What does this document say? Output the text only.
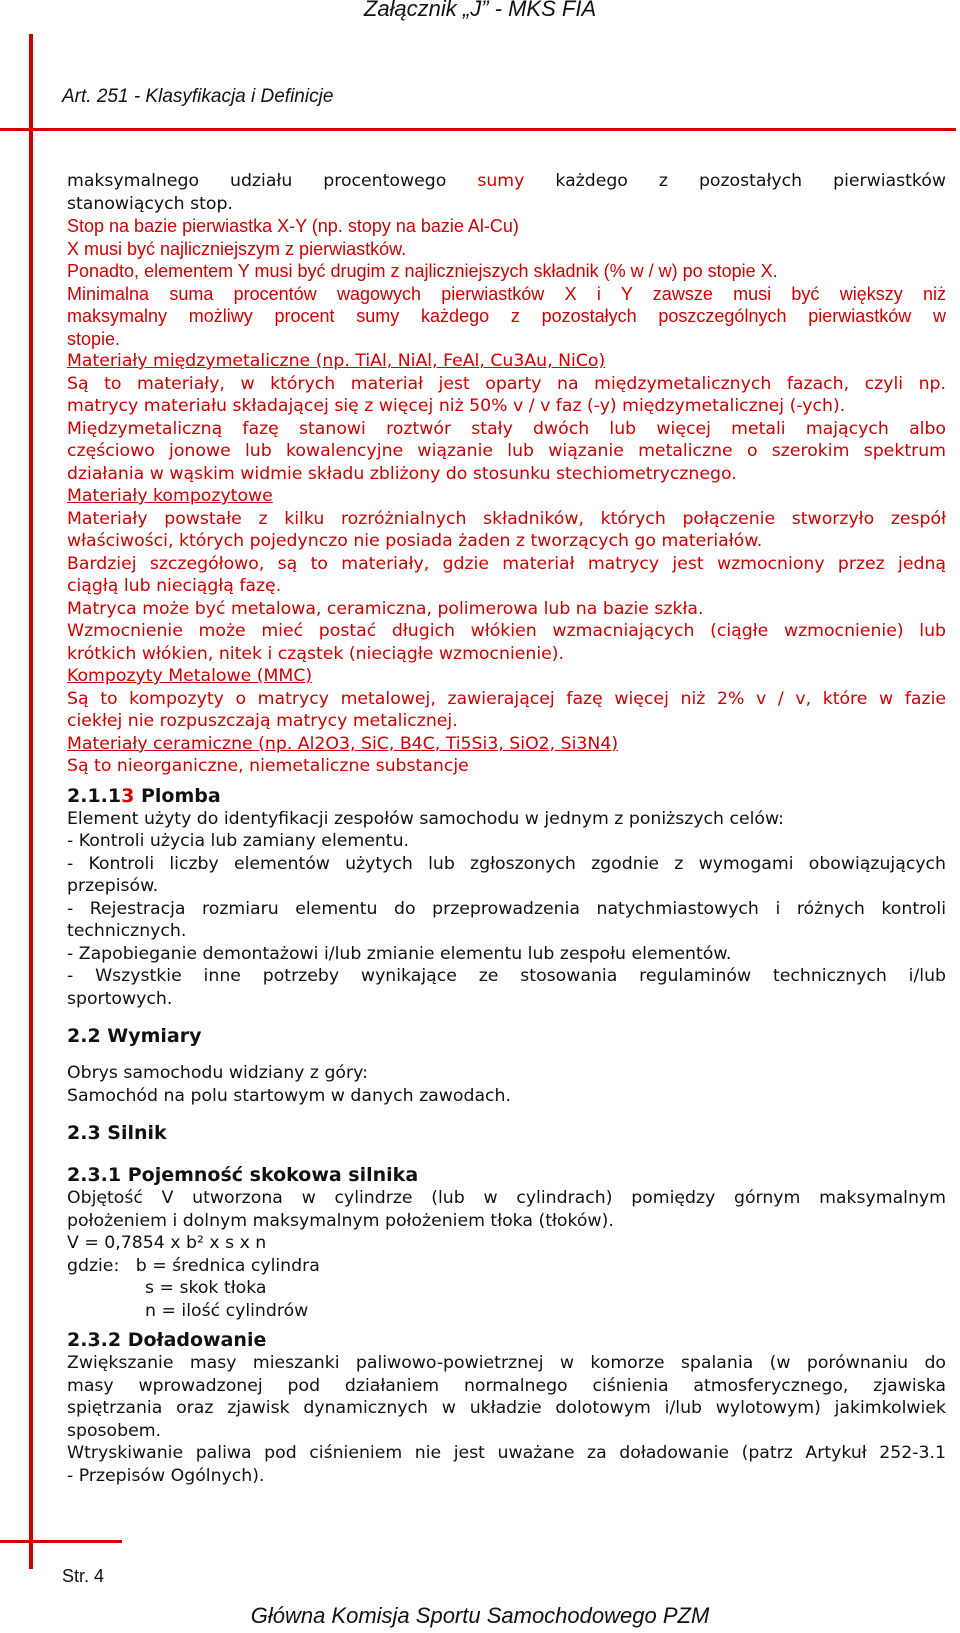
Załącznik „J” - MKS FIA
Art. 251 - Klasyfikacja i Definicje
maksymalnego udziału procentowego sumy każdego z pozostałych pierwiastków
stanowiących stop.
Stop na bazie pierwiastka X-Y (np. stopy na bazie Al-Cu)
X musi być najliczniejszym z pierwiastków.
Ponadto, elementem Y musi być drugim z najliczniejszych składnik (% w / w) po stopie X.
Minimalna suma procentów wagowych pierwiastków X i Y zawsze musi być większy niż
maksymalny możliwy procent sumy każdego z pozostałych poszczególnych pierwiastków w
stopie.
Materiały międzymetaliczne (np. TiAl, NiAl, FeAl, Cu3Au, NiCo)
Są to materiały, w których materiał jest oparty na międzymetalicznych fazach, czyli np.
matrycy materiału składającej się z więcej niż 50% v / v faz (-y) międzymetalicznej (-ych).
Międzymetaliczną fazę stanowi roztwór stały dwóch lub więcej metali mających albo
częściowo jonowe lub kowalencyjne wiązanie lub wiązanie metaliczne o szerokim spektrum
działania w wąskim widmie składu zbliżony do stosunku stechiometrycznego.
Materiały kompozytowe
Materiały powstałe z kilku rozróżnialnych składników, których połączenie stworzyło zespół
właściwości, których pojedynczo nie posiada żaden z tworzących go materiałów.
Bardziej szczegółowo, są to materiały, gdzie materiał matrycy jest wzmocniony przez jedną
ciągłą lub nieciągłą fazę.
Matryca może być metalowa, ceramiczna, polimerowa lub na bazie szkła.
Wzmocnienie może mieć postać długich włókien wzmacniających (ciągłe wzmocnienie) lub
krótkich włókien, nitek i cząstek (nieciągłe wzmocnienie).
Kompozyty Metalowe (MMC)
Są to kompozyty o matrycy metalowej, zawierającej fazę więcej niż 2% v / v, które w fazie
ciekłej nie rozpuszczają matrycy metalicznej.
Materiały ceramiczne (np. Al2O3, SiC, B4C, Ti5Si3, SiO2, Si3N4)
Są to nieorganiczne, niemetaliczne substancje
2.1.13 Plomba
Element użyty do identyfikacji zespołów samochodu w jednym z poniższych celów:
- Kontroli użycia lub zamiany elementu.
- Kontroli liczby elementów użytych lub zgłoszonych zgodnie z wymogami obowiązujących
przepisów.
- Rejestracja rozmiaru elementu do przeprowadzenia natychmiastowych i różnych kontroli
technicznych.
- Zapobieganie demontażowi i/lub zmianie elementu lub zespołu elementów.
- Wszystkie inne potrzeby wynikające ze stosowania regulaminów technicznych i/lub
sportowych.
2.2 Wymiary
Obrys samochodu widziany z góry:
Samochód na polu startowym w danych zawodach.
2.3 Silnik
2.3.1 Pojemność skokowa silnika
Objętość V utworzona w cylindrze (lub w cylindrach) pomiędzy górnym maksymalnym
położeniem i dolnym maksymalnym położeniem tłoka (tłoków).
V = 0,7854 x b² x s x n
gdzie:   b = średnica cylindra
s = skok tłoka
n = ilość cylindrów
2.3.2 Doładowanie
Zwiększanie masy mieszanki paliwowo-powietrznej w komorze spalania (w porównaniu do
masy wprowadzonej pod działaniem normalnego ciśnienia atmosferycznego, zjawiska
spiętrzania oraz zjawisk dynamicznych w układzie dolotowym i/lub wylotowym) jakimkolwiek
sposobem.
Wtryskiwanie paliwa pod ciśnieniem nie jest uważane za doładowanie (patrz Artykuł 252-3.1
- Przepisów Ogólnych).
Str. 4
Główna Komisja Sportu Samochodowego PZM
